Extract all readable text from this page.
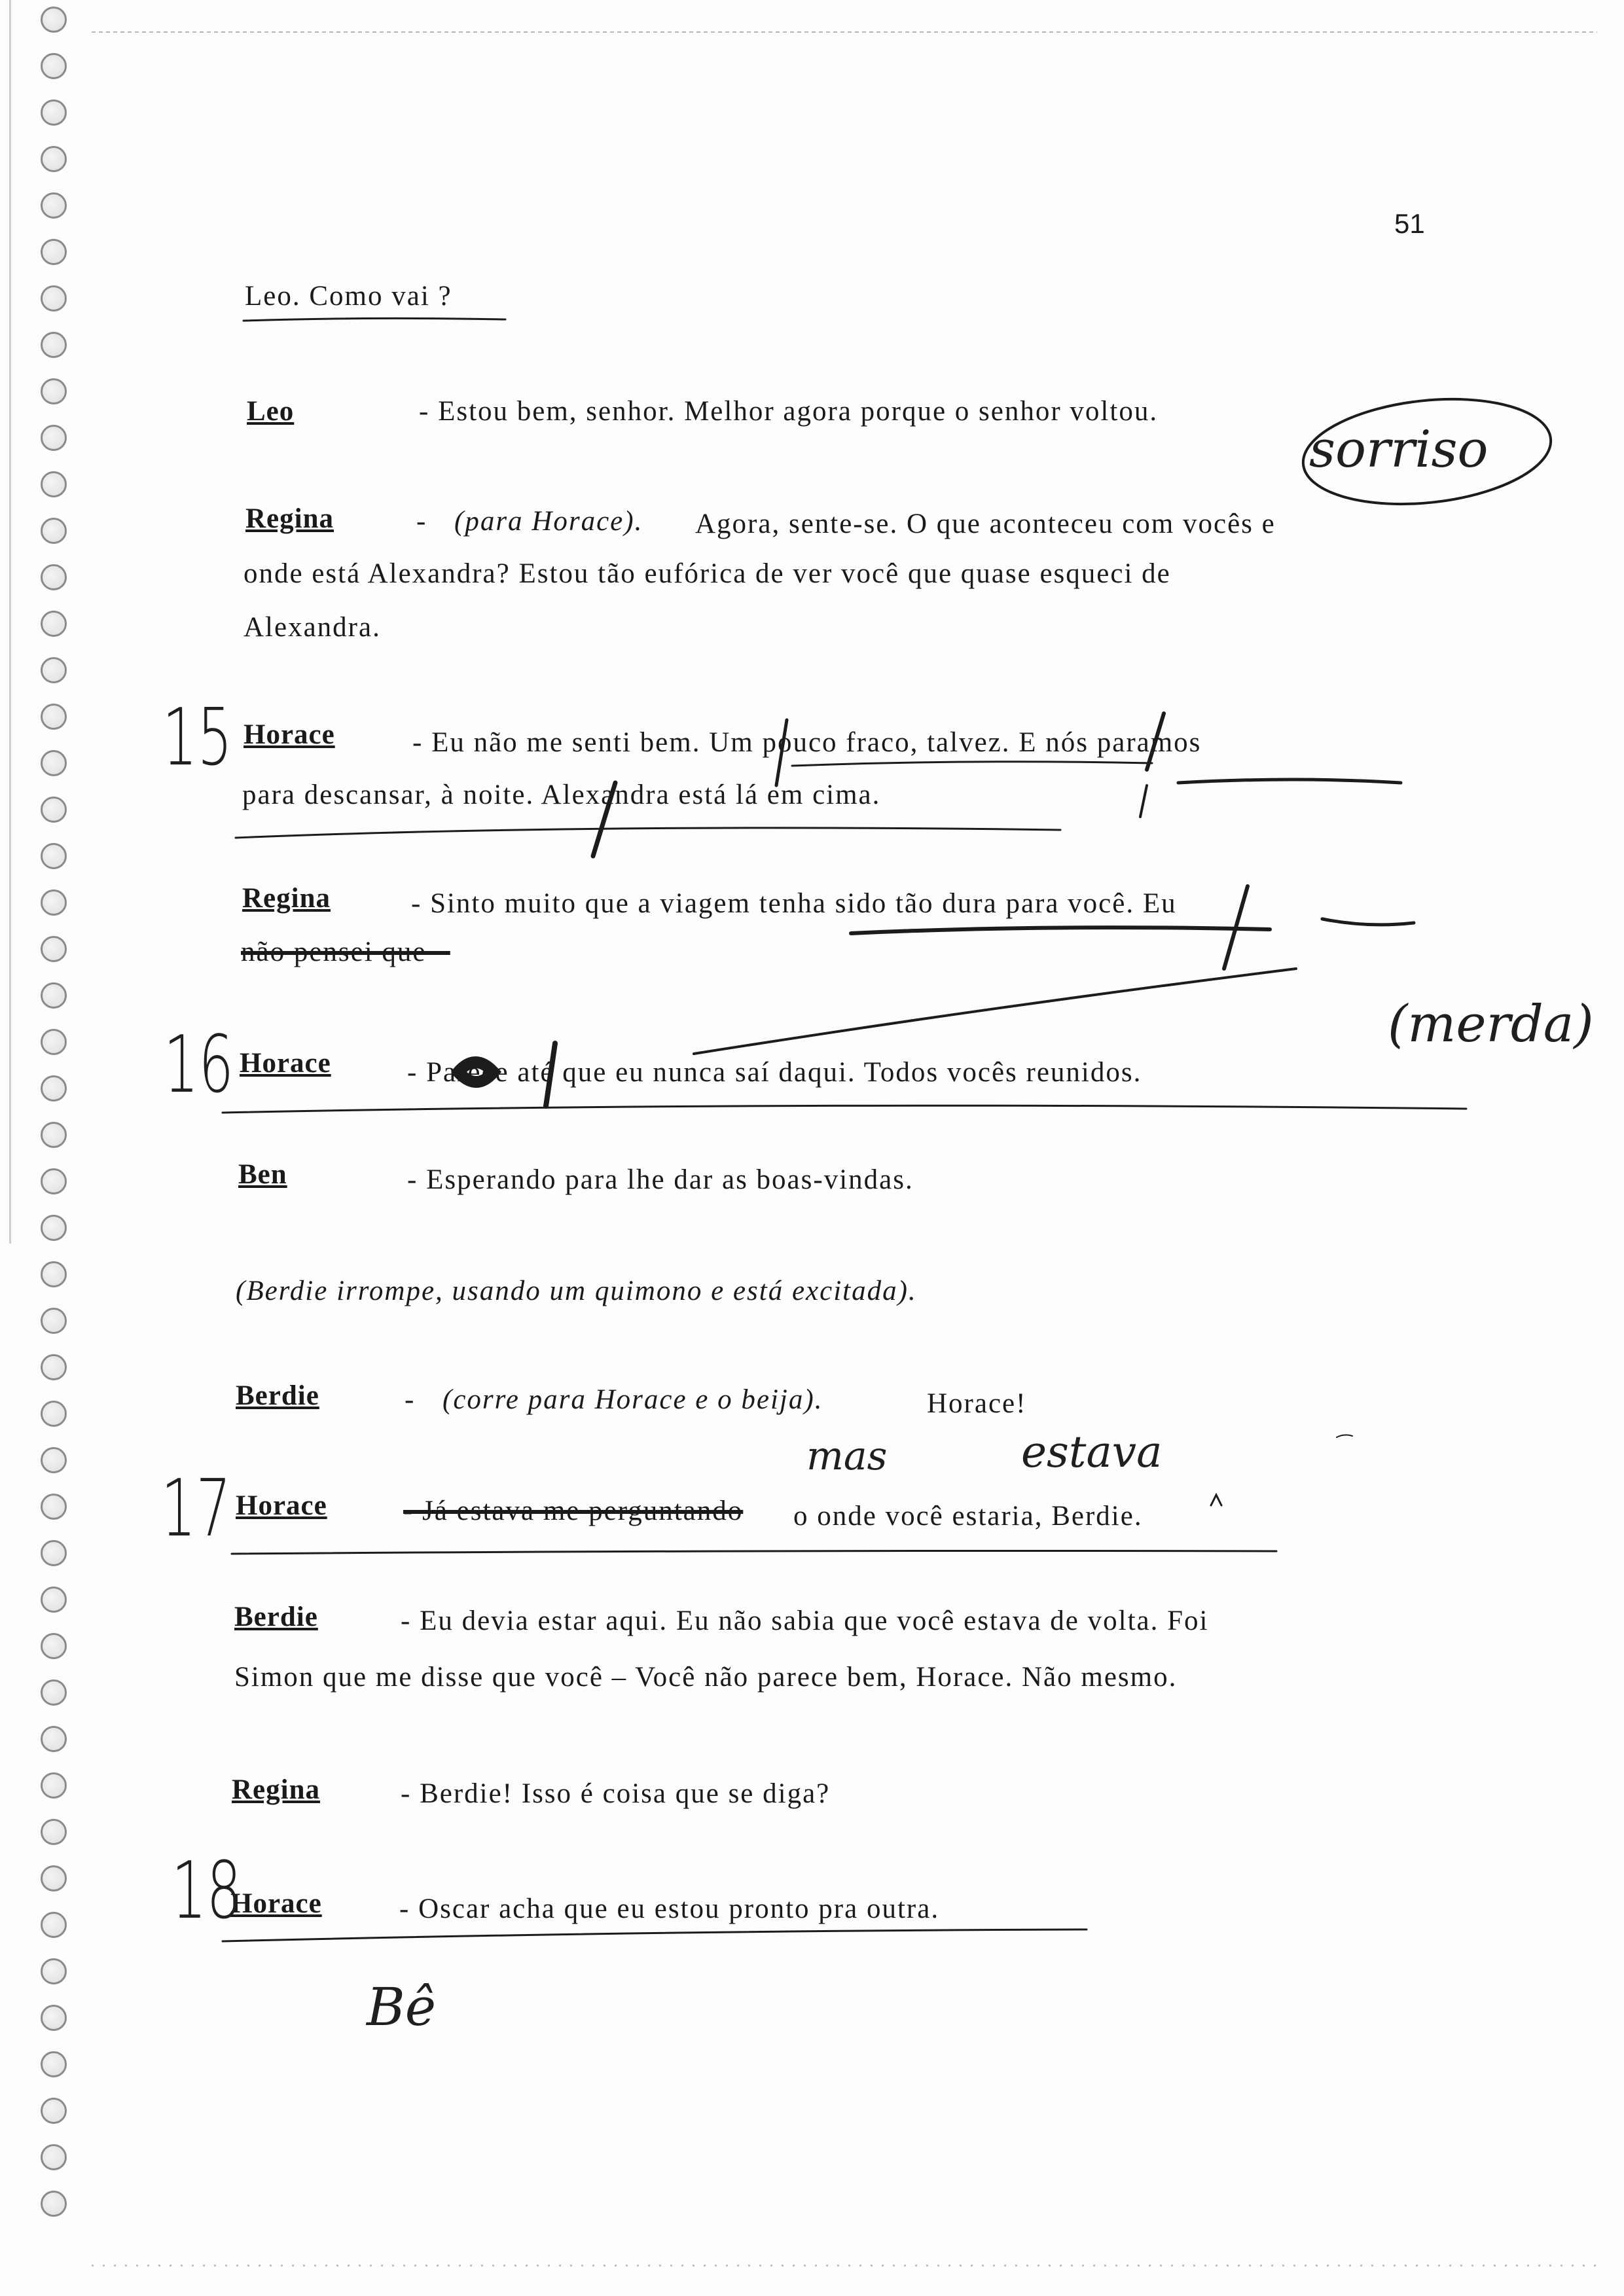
51
Leo. Como vai ?
Leo	- Estou bem, senhor. Melhor agora porque o senhor voltou.
Regina	- (para Horace). Agora, sente-se. O que aconteceu com vocês e
onde está Alexandra? Estou tão eufórica de ver você que quase esqueci de
Alexandra.
Horace	- Eu não me senti bem. Um pouco fraco, talvez. E nós paramos
para descansar, à noite. Alexandra está lá em cima.
Regina	- Sinto muito que a viagem tenha sido tão dura para você. Eu
não pensei que –
Horace	- Parece até que eu nunca saí daqui. Todos vocês reunidos.
Ben	- Esperando para lhe dar as boas-vindas.
(Berdie irrompe, usando um quimono e está excitada).
Berdie	- (corre para Horace e o beija).	Horace!
Horace	- Já estava me perguntando o onde você estaria, Berdie.
Berdie	- Eu devia estar aqui. Eu não sabia que você estava de volta. Foi
Simon que me disse que você – Você não parece bem, Horace. Não mesmo.
Regina	- Berdie! Isso é coisa que se diga?
Horace	- Oscar acha que eu estou pronto pra outra.
15
16
17
18
sorriso
(merda)
mas	estava
Bê
